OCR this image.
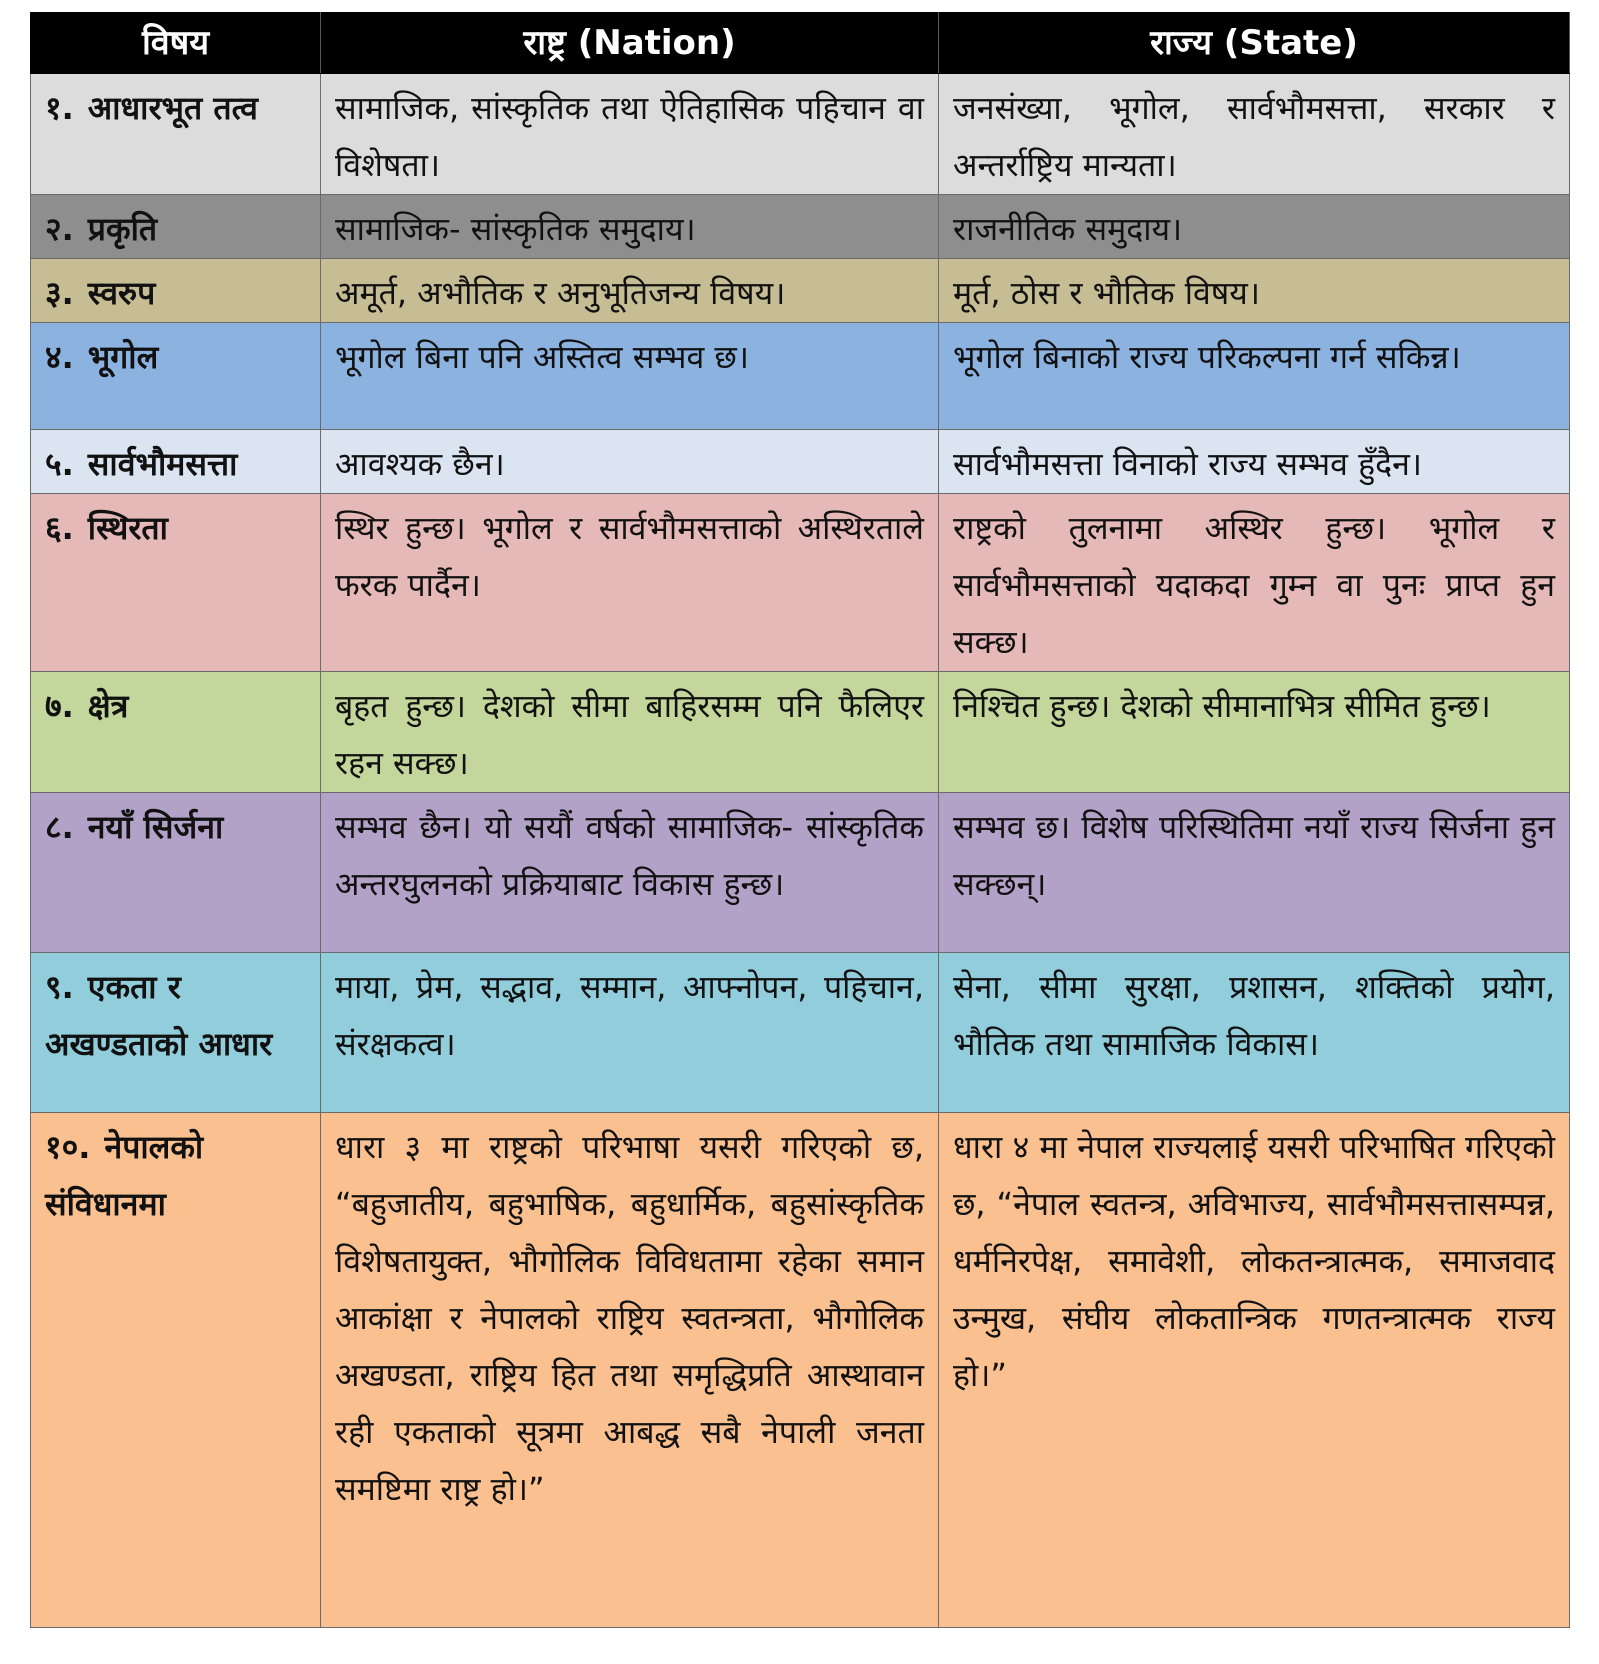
विषय	राष्ट्र (Nation)	राज्य (State)
१. आधारभूत तत्व	सामाजिक, सांस्कृतिक तथा ऐतिहासिक पहिचान वा विशेषता।	जनसंख्या, भूगोल, सार्वभौमसत्ता, सरकार र अन्तर्राष्ट्रिय मान्यता।
२. प्रकृति	सामाजिक- सांस्कृतिक समुदाय।	राजनीतिक समुदाय।
३. स्वरुप	अमूर्त, अभौतिक र अनुभूतिजन्य विषय।	मूर्त, ठोस र भौतिक विषय।
४. भूगोल	भूगोल बिना पनि अस्तित्व सम्भव छ।	भूगोल बिनाको राज्य परिकल्पना गर्न सकिन्न।
५. सार्वभौमसत्ता	आवश्यक छैन।	सार्वभौमसत्ता विनाको राज्य सम्भव हुँदैन।
६. स्थिरता	स्थिर हुन्छ। भूगोल र सार्वभौमसत्ताको अस्थिरताले फरक पार्दैन।	राष्ट्रको तुलनामा अस्थिर हुन्छ। भूगोल र सार्वभौमसत्ताको यदाकदा गुम्न वा पुनः प्राप्त हुन सक्छ।
७. क्षेत्र	बृहत हुन्छ। देशको सीमा बाहिरसम्म पनि फैलिएर रहन सक्छ।	निश्चित हुन्छ। देशको सीमानाभित्र सीमित हुन्छ।
८. नयाँ सिर्जना	सम्भव छैन। यो सयौं वर्षको सामाजिक- सांस्कृतिक अन्तरघुलनको प्रक्रियाबाट विकास हुन्छ।	सम्भव छ। विशेष परिस्थितिमा नयाँ राज्य सिर्जना हुन सक्छन्।
९. एकता र अखण्डताको आधार	माया, प्रेम, सद्भाव, सम्मान, आफ्नोपन, पहिचान, संरक्षकत्व।	सेना, सीमा सुरक्षा, प्रशासन, शक्तिको प्रयोग, भौतिक तथा सामाजिक विकास।
१०. नेपालको संविधानमा	धारा ३ मा राष्ट्रको परिभाषा यसरी गरिएको छ, “बहुजातीय, बहुभाषिक, बहुधार्मिक, बहुसांस्कृतिक विशेषतायुक्त, भौगोलिक विविधतामा रहेका समान आकांक्षा र नेपालको राष्ट्रिय स्वतन्त्रता, भौगोलिक अखण्डता, राष्ट्रिय हित तथा समृद्धिप्रति आस्थावान रही एकताको सूत्रमा आबद्ध सबै नेपाली जनता समष्टिमा राष्ट्र हो।”	धारा ४ मा नेपाल राज्यलाई यसरी परिभाषित गरिएको छ, “नेपाल स्वतन्त्र, अविभाज्य, सार्वभौमसत्तासम्पन्न, धर्मनिरपेक्ष, समावेशी, लोकतन्त्रात्मक, समाजवाद उन्मुख, संघीय लोकतान्त्रिक गणतन्त्रात्मक राज्य हो।”
